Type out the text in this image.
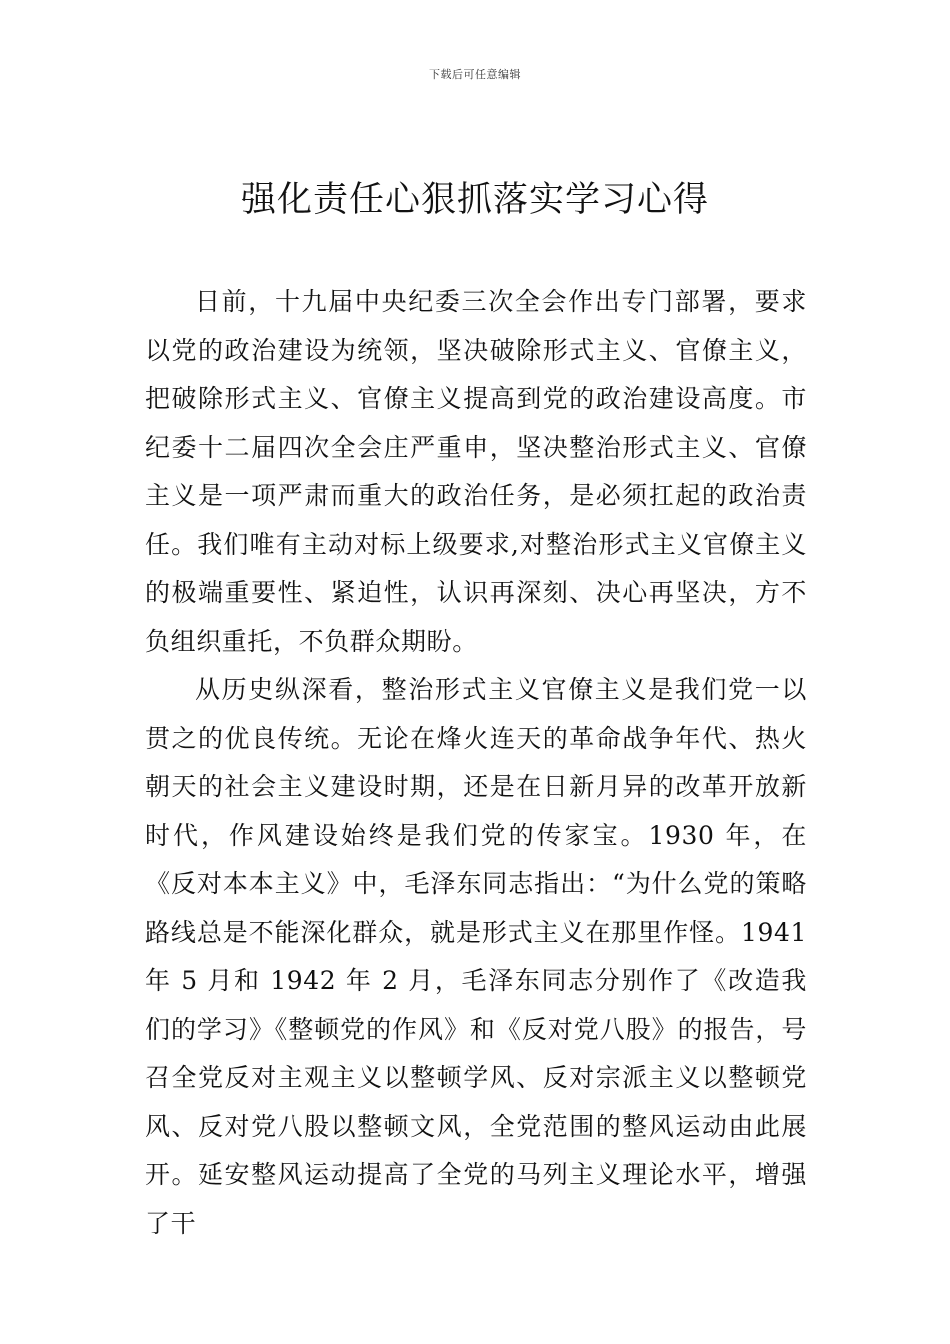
下载后可任意编辑
强化责任心狠抓落实学习心得

日前，十九届中央纪委三次全会作出专门部署，要求以党的政治建设为统领，坚决破除形式主义、官僚主义，把破除形式主义、官僚主义提高到党的政治建设高度。市纪委十二届四次全会庄严重申，坚决整治形式主义、官僚主义是一项严肃而重大的政治任务，是必须扛起的政治责任。我们唯有主动对标上级要求,对整治形式主义官僚主义的极端重要性、紧迫性，认识再深刻、决心再坚决，方不负组织重托，不负群众期盼。

从历史纵深看，整治形式主义官僚主义是我们党一以贯之的优良传统。无论在烽火连天的革命战争年代、热火朝天的社会主义建设时期，还是在日新月异的改革开放新时代，作风建设始终是我们党的传家宝。1930 年，在《反对本本主义》中，毛泽东同志指出：“为什么党的策略路线总是不能深化群众，就是形式主义在那里作怪。1941 年 5 月和 1942 年 2 月，毛泽东同志分别作了《改造我们的学习》《整顿党的作风》和《反对党八股》的报告，号召全党反对主观主义以整顿学风、反对宗派主义以整顿党风、反对党八股以整顿文风，全党范围的整风运动由此展开。延安整风运动提高了全党的马列主义理论水平，增强了干
